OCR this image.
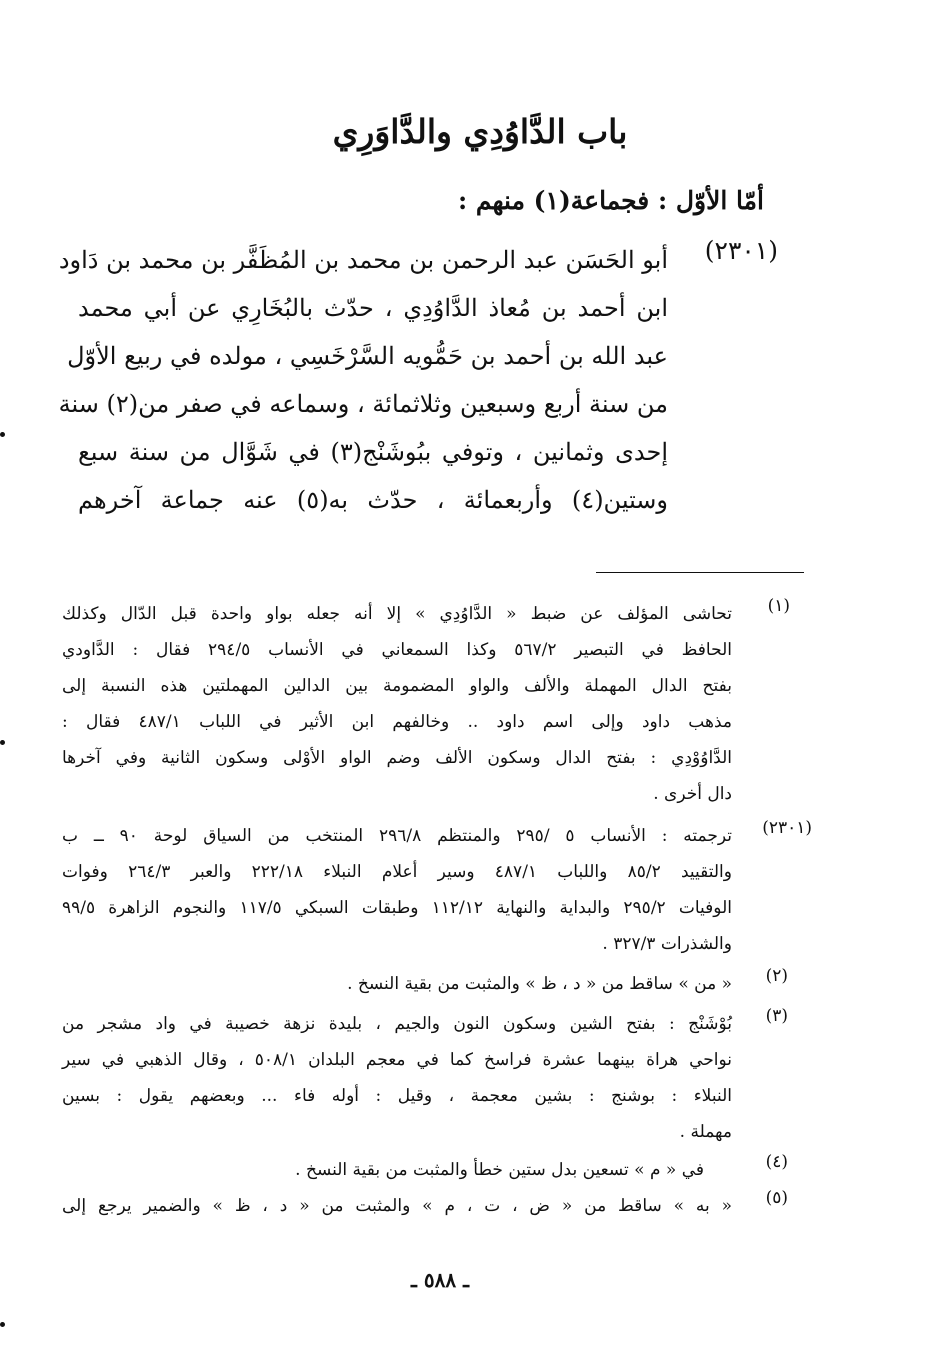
باب الدَّاوُدِي والدَّاوَرِي
أمّا الأوّل : فجماعة(١) منهم :
(٢٣٠١)
أبو الحَسَن عبد الرحمن بن محمد بن المُظَفَّر بن محمد بن دَاود
ابن أحمد بن مُعاذ الدَّاوُدِي ، حدّث بالبُخَارِي عن أبي محمد
عبد الله بن أحمد بن حَمُّويه السَّرْخَسِي ، مولده في ربيع الأوّل
من سنة أربع وسبعين وثلاثمائة ، وسماعه في صفر من(٢) سنة
إحدى وثمانين ، وتوفي ببُوشَنْج(٣) في شَوَّال من سنة سبع
وستين(٤) وأربعمائة ، حدّث به(٥) عنه جماعة آخرهم
(١)
تحاشى المؤلف عن ضبط « الدَّاوُدِي » إلا أنه جعله بواو واحدة قبل الدّال وكذلك
الحافظ في التبصير ٥٦٧/٢ وكذا السمعاني في الأنساب ٢٩٤/٥ فقال : الدَّاودي
بفتح الدال المهملة والألف والواو المضمومة بين الدالين المهملتين هذه النسبة إلى
مذهب داود وإلى اسم داود .. وخالفهم ابن الأثير في اللباب ٤٨٧/١ فقال :
الدَّاوُوْدِي : بفتح الدال وسكون الألف وضم الواو الأوْلى وسكون الثانية وفي آخرها
دال أخرى .
(٢٣٠١)
ترجمته : الأنساب ٥ /٢٩٥ والمنتظم ٢٩٦/٨ المنتخب من السياق لوحة ٩٠ ــ ب
والتقييد ٨٥/٢ واللباب ٤٨٧/١ وسير أعلام النبلاء ٢٢٢/١٨ والعبر ٢٦٤/٣ وفوات
الوفيات ٢٩٥/٢ والبداية والنهاية ١١٢/١٢ وطبقات السبكي ١١٧/٥ والنجوم الزاهرة ٩٩/٥
والشذرات ٣٢٧/٣ .
(٢)
« من » ساقط من « د ، ظ » والمثبت من بقية النسخ .
(٣)
بُوْشَنْج : بفتح الشين وسكون النون والجيم ، بليدة نزهة خصيبة في واد مشجر من
نواحي هراة بينهما عشرة فراسخ كما في معجم البلدان ٥٠٨/١ ، وقال الذهبي في سير
النبلاء : بوشنج : بشين معجمة ، وقيل : أوله فاء ... وبعضهم يقول : بسين
مهملة .
(٤)
في « م » تسعين بدل ستين خطأ والمثبت من بقية النسخ .
(٥)
« به » ساقط من « ض ، ت ، م » والمثبت من « د ، ظ » والضمير يرجع إلى
ـ ٥٨٨ ـ
